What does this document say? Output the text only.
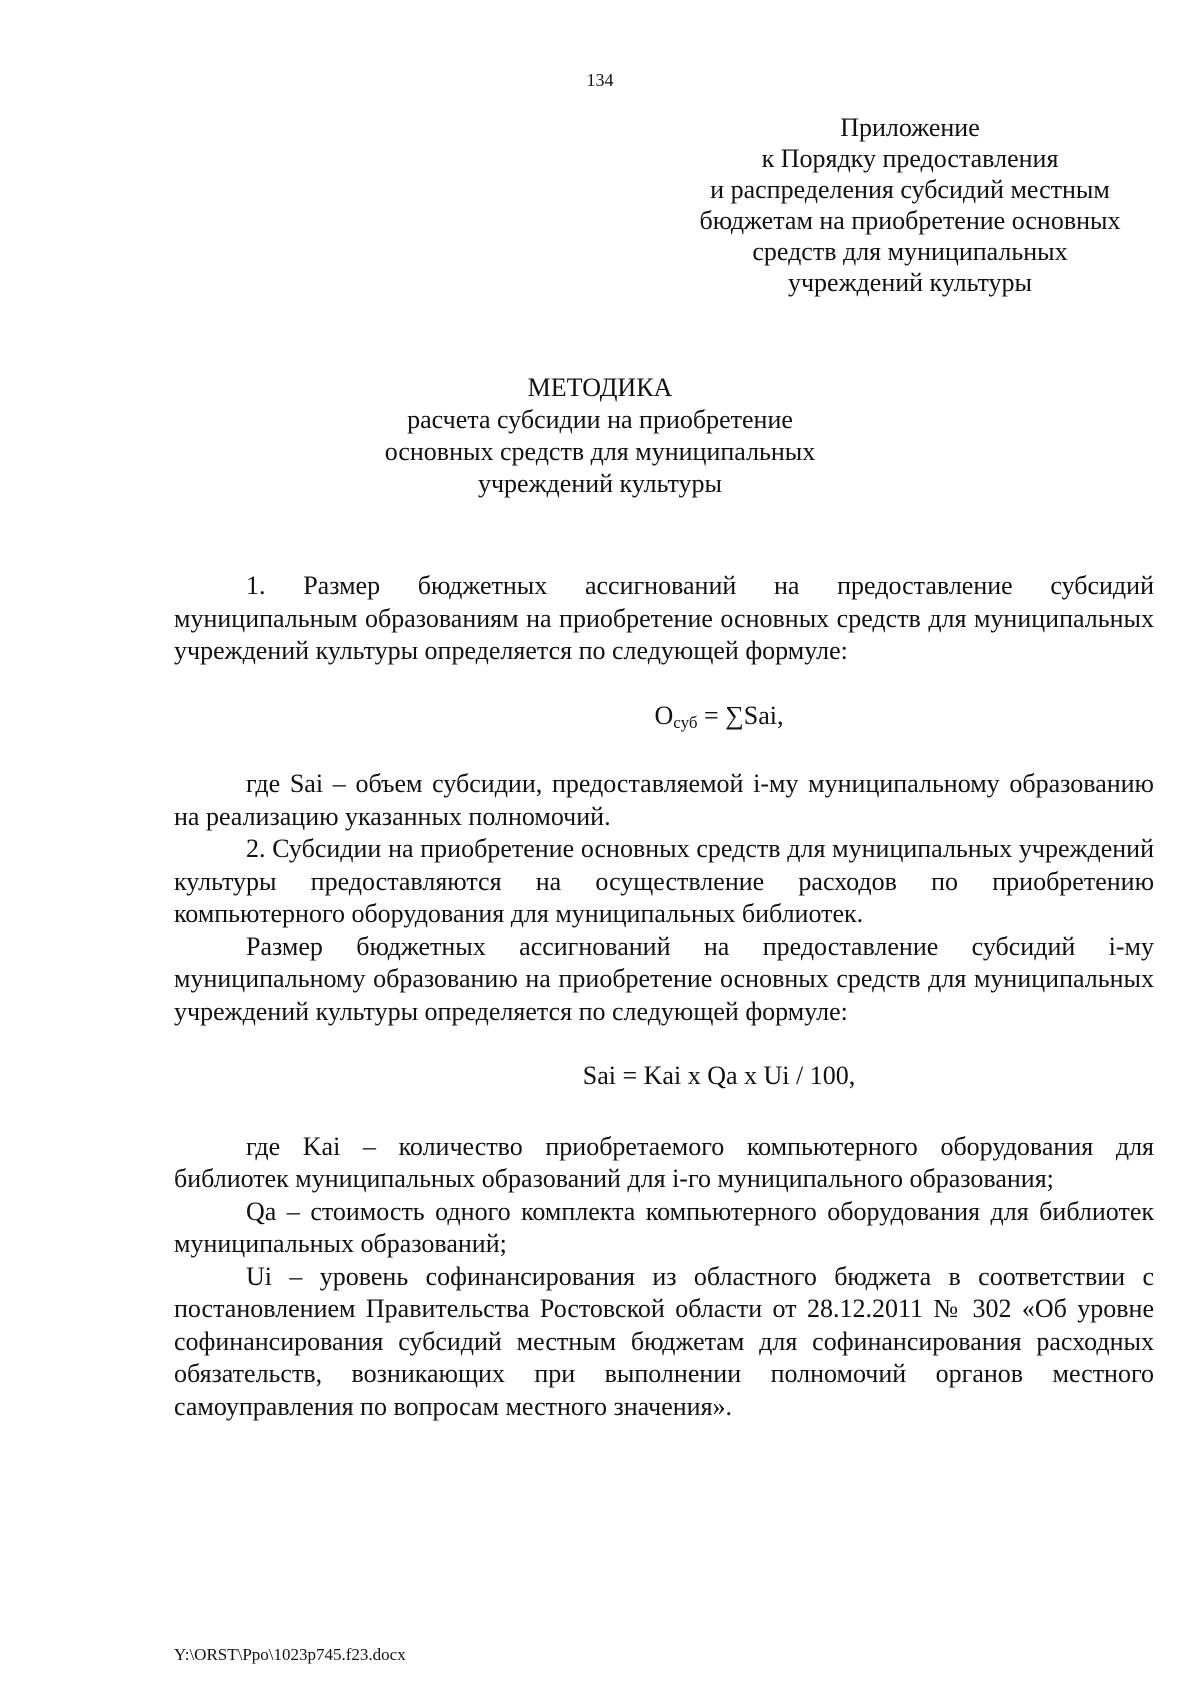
134
Приложение
к Порядку предоставления
и распределения субсидий местным
бюджетам на приобретение основных
средств для муниципальных
учреждений культуры
МЕТОДИКА
расчета субсидии на приобретение
основных средств для муниципальных
учреждений культуры

1. Размер бюджетных ассигнований на предоставление субсидий муниципальным образованиям на приобретение основных средств для муниципальных учреждений культуры определяется по следующей формуле:

$О_{суб} = \sum Sai$,

где Sai – объем субсидии, предоставляемой i-му муниципальному образованию на реализацию указанных полномочий.

2. Субсидии на приобретение основных средств для муниципальных учреждений культуры предоставляются на осуществление расходов по приобретению компьютерного оборудования для муниципальных библиотек.

Размер бюджетных ассигнований на предоставление субсидий i-му муниципальному образованию на приобретение основных средств для муниципальных учреждений культуры определяется по следующей формуле:

Sai = Kai x Qa x Ui / 100,

где Kai – количество приобретаемого компьютерного оборудования для библиотек муниципальных образований для i-го муниципального образования;

Qa – стоимость одного комплекта компьютерного оборудования для библиотек муниципальных образований;

Ui – уровень софинансирования из областного бюджета в соответствии с постановлением Правительства Ростовской области от 28.12.2011 № 302 «Об уровне софинансирования субсидий местным бюджетам для софинансирования расходных обязательств, возникающих при выполнении полномочий органов местного самоуправления по вопросам местного значения».

Y:\ORST\Ppo\1023p745.f23.docx
